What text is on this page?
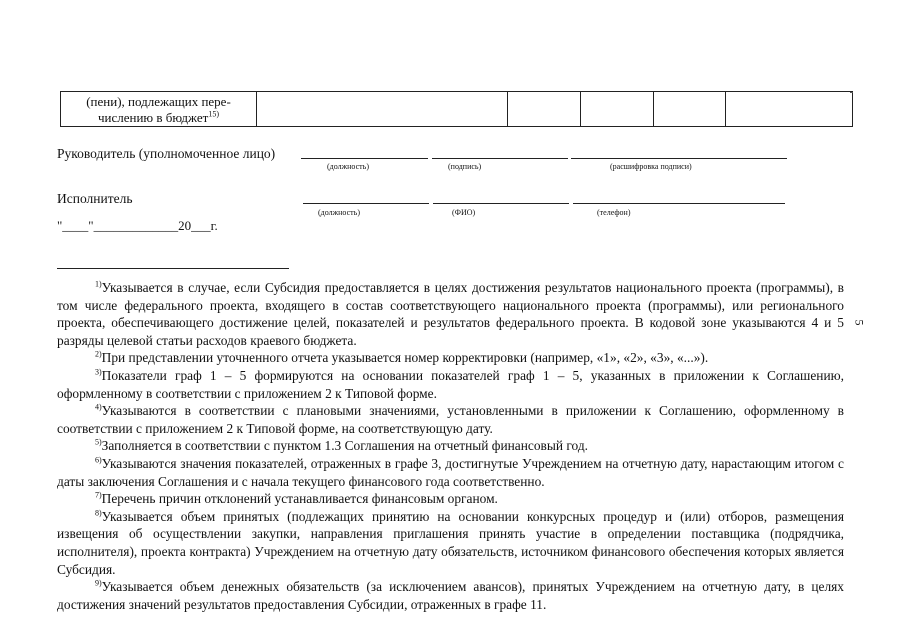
(пени), подлежащих пере-
числению в бюджет$^{15)}$

Руководитель (уполномоченное лицо)
(должность)	(подпись)	(расшифровка подписи)
Исполнитель
(должность)	(ФИО)	(телефон)
"____"_____________20___г.
5

$^{1)}$Указывается в случае, если Субсидия предоставляется в целях достижения результатов национального проекта (программы), в том числе федерального проекта, входящего в состав соответствующего национального проекта (программы), или регионального проекта, обеспечивающего достижение целей, показателей и результатов федерального проекта. В кодовой зоне указываются 4 и 5 разряды целевой статьи расходов краевого бюджета.

$^{2)}$При представлении уточненного отчета указывается номер корректировки (например, «1», «2», «3», «...»).

$^{3)}$Показатели граф 1 – 5 формируются на основании показателей граф 1 – 5, указанных в приложении к Соглашению, оформленному в соответствии с приложением 2 к Типовой форме.

$^{4)}$Указываются в соответствии с плановыми значениями, установленными в приложении к Соглашению, оформленному в соответствии с приложением 2 к Типовой форме, на соответствующую дату.

$^{5)}$Заполняется в соответствии с пунктом 1.3 Соглашения на отчетный финансовый год.

$^{6)}$Указываются значения показателей, отраженных в графе 3, достигнутые Учреждением на отчетную дату, нарастающим итогом с даты заключения Соглашения и с начала текущего финансового года соответственно.

$^{7)}$Перечень причин отклонений устанавливается финансовым органом.

$^{8)}$Указывается объем принятых (подлежащих принятию на основании конкурсных процедур и (или) отборов, размещения извещения об осуществлении закупки, направления приглашения принять участие в определении поставщика (подрядчика, исполнителя), проекта контракта) Учреждением на отчетную дату обязательств, источником финансового обеспечения которых является Субсидия.

$^{9)}$Указывается объем денежных обязательств (за исключением авансов), принятых Учреждением на отчетную дату, в целях достижения значений результатов предоставления Субсидии, отраженных в графе 11.
